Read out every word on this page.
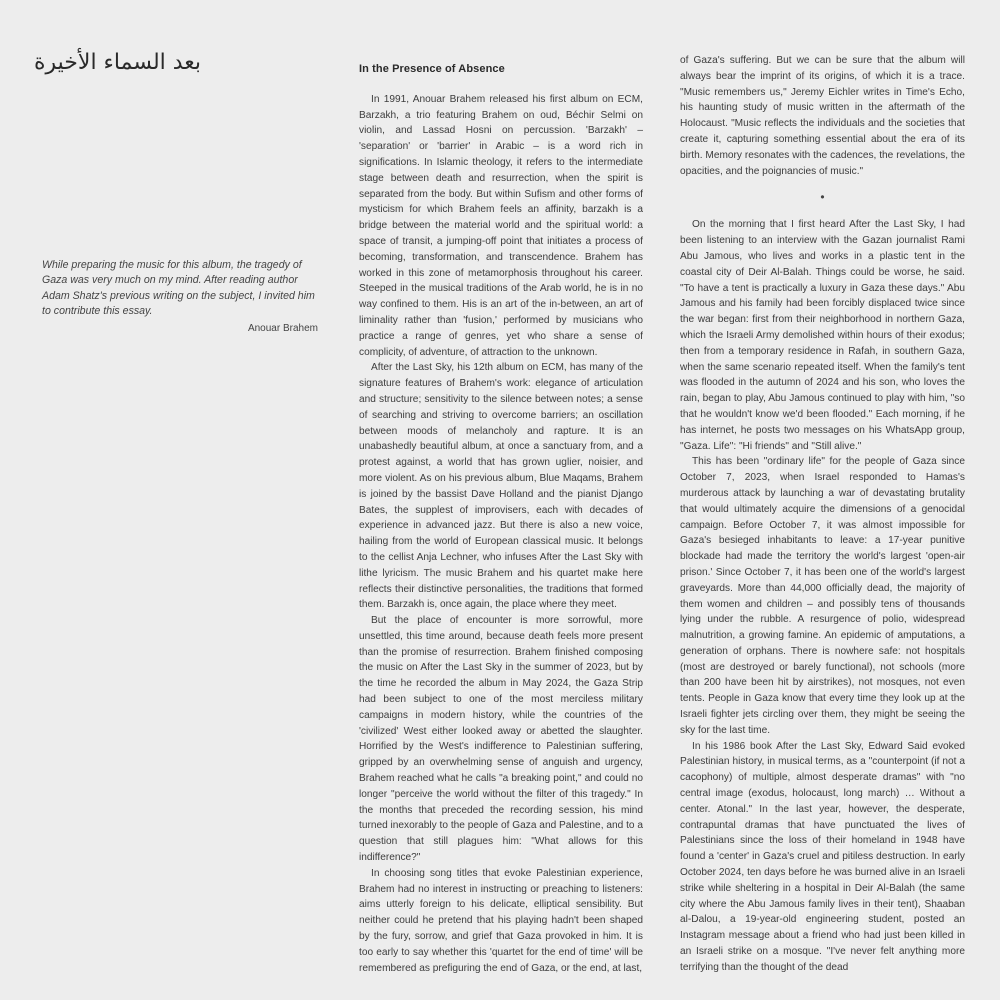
بعد السماء الأخيرة

While preparing the music for this album, the tragedy of Gaza was very much on my mind. After reading author Adam Shatz's previous writing on the subject, I invited him to contribute this essay.

Anouar Brahem

In the Presence of Absence

In 1991, Anouar Brahem released his first album on ECM, Barzakh, a trio featuring Brahem on oud, Béchir Selmi on violin, and Lassad Hosni on percussion. 'Barzakh' – 'separation' or 'barrier' in Arabic – is a word rich in significations. In Islamic theology, it refers to the intermediate stage between death and resurrection, when the spirit is separated from the body. But within Sufism and other forms of mysticism for which Brahem feels an affinity, barzakh is a bridge between the material world and the spiritual world: a space of transit, a jumping-off point that initiates a process of becoming, transformation, and transcendence. Brahem has worked in this zone of metamorphosis throughout his career. Steeped in the musical traditions of the Arab world, he is in no way confined to them. His is an art of the in-between, an art of liminality rather than 'fusion,' performed by musicians who practice a range of genres, yet who share a sense of complicity, of adventure, of attraction to the unknown.

After the Last Sky, his 12th album on ECM, has many of the signature features of Brahem's work: elegance of articulation and structure; sensitivity to the silence between notes; a sense of searching and striving to overcome barriers; an oscillation between moods of melancholy and rapture. It is an unabashedly beautiful album, at once a sanctuary from, and a protest against, a world that has grown uglier, noisier, and more violent. As on his previous album, Blue Maqams, Brahem is joined by the bassist Dave Holland and the pianist Django Bates, the supplest of improvisers, each with decades of experience in advanced jazz. But there is also a new voice, hailing from the world of European classical music. It belongs to the cellist Anja Lechner, who infuses After the Last Sky with lithe lyricism. The music Brahem and his quartet make here reflects their distinctive personalities, the traditions that formed them. Barzakh is, once again, the place where they meet.

But the place of encounter is more sorrowful, more unsettled, this time around, because death feels more present than the promise of resurrection. Brahem finished composing the music on After the Last Sky in the summer of 2023, but by the time he recorded the album in May 2024, the Gaza Strip had been subject to one of the most merciless military campaigns in modern history, while the countries of the 'civilized' West either looked away or abetted the slaughter. Horrified by the West's indifference to Palestinian suffering, gripped by an overwhelming sense of anguish and urgency, Brahem reached what he calls "a breaking point," and could no longer "perceive the world without the filter of this tragedy." In the months that preceded the recording session, his mind turned inexorably to the people of Gaza and Palestine, and to a question that still plagues him: "What allows for this indifference?"

In choosing song titles that evoke Palestinian experience, Brahem had no interest in instructing or preaching to listeners: aims utterly foreign to his delicate, elliptical sensibility. But neither could he pretend that his playing hadn't been shaped by the fury, sorrow, and grief that Gaza provoked in him. It is too early to say whether this 'quartet for the end of time' will be remembered as prefiguring the end of Gaza, or the end, at last,

of Gaza's suffering. But we can be sure that the album will always bear the imprint of its origins, of which it is a trace. "Music remembers us," Jeremy Eichler writes in Time's Echo, his haunting study of music written in the aftermath of the Holocaust. "Music reflects the individuals and the societies that create it, capturing something essential about the era of its birth. Memory resonates with the cadences, the revelations, the opacities, and the poignancies of music."

•

On the morning that I first heard After the Last Sky, I had been listening to an interview with the Gazan journalist Rami Abu Jamous, who lives and works in a plastic tent in the coastal city of Deir Al-Balah. Things could be worse, he said. "To have a tent is practically a luxury in Gaza these days." Abu Jamous and his family had been forcibly displaced twice since the war began: first from their neighborhood in northern Gaza, which the Israeli Army demolished within hours of their exodus; then from a temporary residence in Rafah, in southern Gaza, when the same scenario repeated itself. When the family's tent was flooded in the autumn of 2024 and his son, who loves the rain, began to play, Abu Jamous continued to play with him, "so that he wouldn't know we'd been flooded." Each morning, if he has internet, he posts two messages on his WhatsApp group, "Gaza. Life": "Hi friends" and "Still alive."

This has been "ordinary life" for the people of Gaza since October 7, 2023, when Israel responded to Hamas's murderous attack by launching a war of devastating brutality that would ultimately acquire the dimensions of a genocidal campaign. Before October 7, it was almost impossible for Gaza's besieged inhabitants to leave: a 17-year punitive blockade had made the territory the world's largest 'open-air prison.' Since October 7, it has been one of the world's largest graveyards. More than 44,000 officially dead, the majority of them women and children – and possibly tens of thousands lying under the rubble. A resurgence of polio, widespread malnutrition, a growing famine. An epidemic of amputations, a generation of orphans. There is nowhere safe: not hospitals (most are destroyed or barely functional), not schools (more than 200 have been hit by airstrikes), not mosques, not even tents. People in Gaza know that every time they look up at the Israeli fighter jets circling over them, they might be seeing the sky for the last time.

In his 1986 book After the Last Sky, Edward Said evoked Palestinian history, in musical terms, as a "counterpoint (if not a cacophony) of multiple, almost desperate dramas" with "no central image (exodus, holocaust, long march) … Without a center. Atonal." In the last year, however, the desperate, contrapuntal dramas that have punctuated the lives of Palestinians since the loss of their homeland in 1948 have found a 'center' in Gaza's cruel and pitiless destruction. In early October 2024, ten days before he was burned alive in an Israeli strike while sheltering in a hospital in Deir Al-Balah (the same city where the Abu Jamous family lives in their tent), Shaaban al-Dalou, a 19-year-old engineering student, posted an Instagram message about a friend who had just been killed in an Israeli strike on a mosque. "I've never felt anything more terrifying than the thought of the dead
